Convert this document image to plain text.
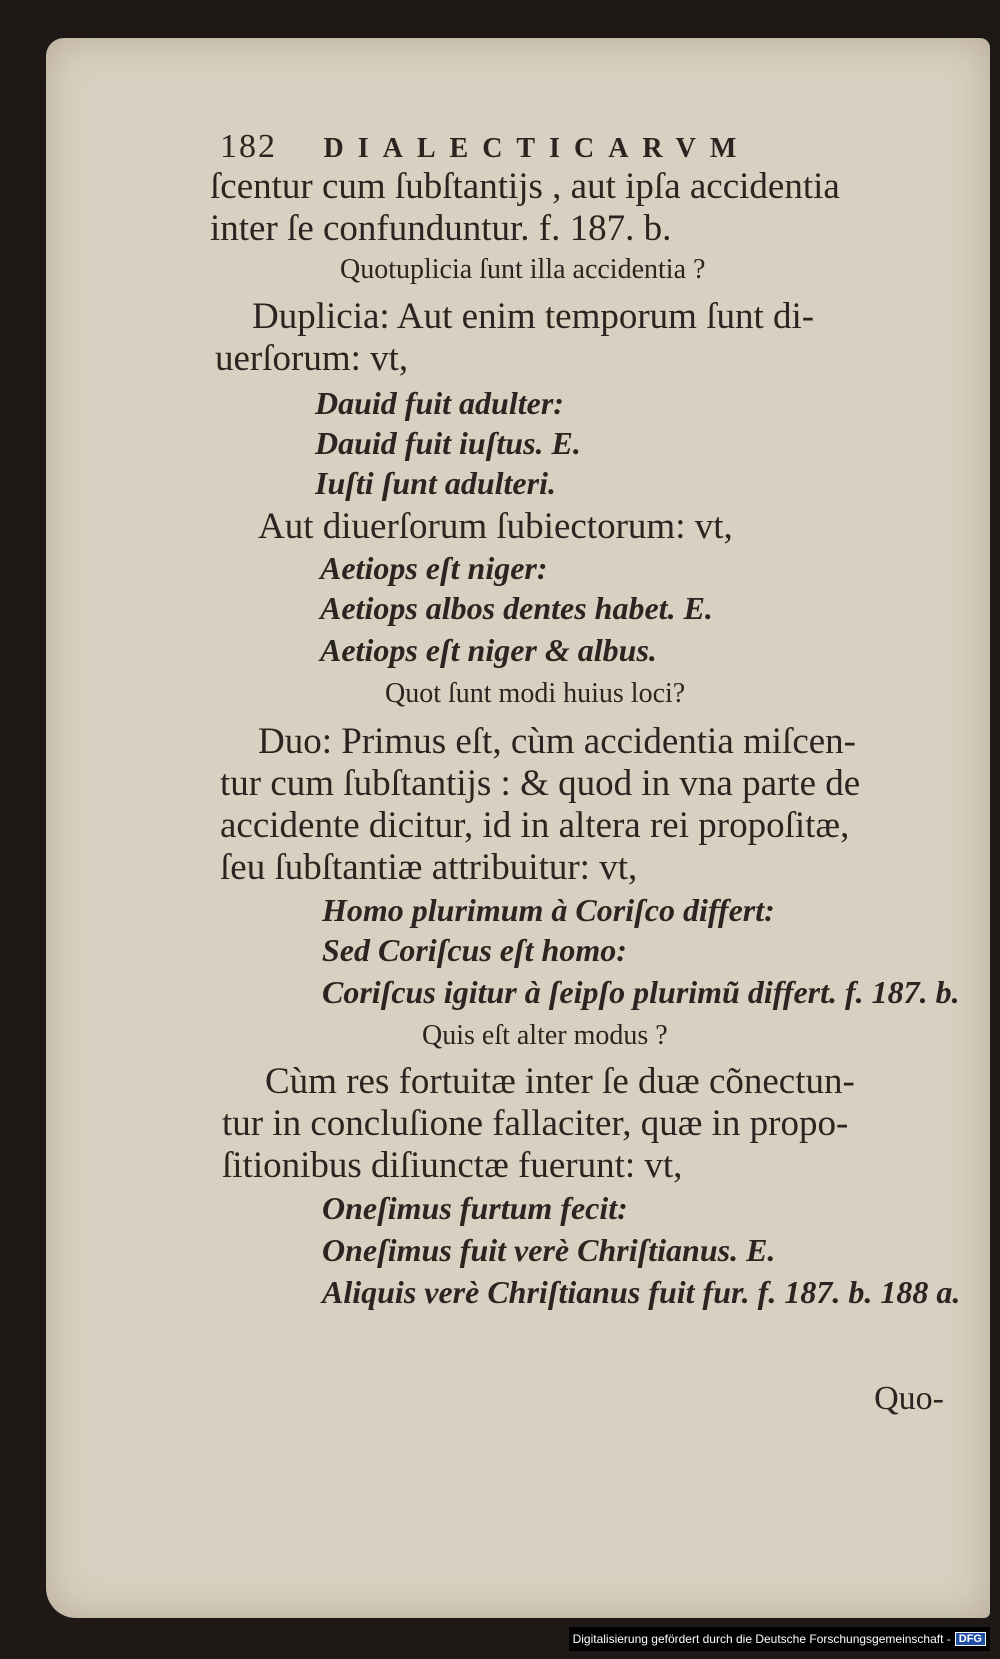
182 DIALECTICARVM
ſcentur cum ſubſtantijs , aut ipſa accidentia
inter ſe confunduntur. f. 187. b.
Quotuplicia ſunt illa accidentia ?
Duplicia: Aut enim temporum ſunt di-
uerſorum: vt,
Dauid fuit adulter:
Dauid fuit iuſtus. E.
Iuſti ſunt adulteri.
Aut diuerſorum ſubiectorum: vt,
Aetiops eſt niger:
Aetiops albos dentes habet. E.
Aetiops eſt niger & albus.
Quot ſunt modi huius loci?
Duo: Primus eſt, cùm accidentia miſcen-
tur cum ſubſtantijs : & quod in vna parte de
accidente dicitur, id in altera rei propoſitæ,
ſeu ſubſtantiæ attribuitur: vt,
Homo plurimum à Coriſco differt:
Sed Coriſcus eſt homo:
Coriſcus igitur à ſeipſo plurimũ differt. f. 187. b.
Quis eſt alter modus ?
Cùm res fortuitæ inter ſe duæ cõnectun-
tur in concluſione fallaciter, quæ in propo-
ſitionibus diſiunctæ fuerunt: vt,
Oneſimus furtum fecit:
Oneſimus fuit verè Chriſtianus. E.
Aliquis verè Chriſtianus fuit fur. f. 187. b. 188 a.
Quo-
Digitalisierung gefördert durch die Deutsche Forschungsgemeinschaft - DFG
